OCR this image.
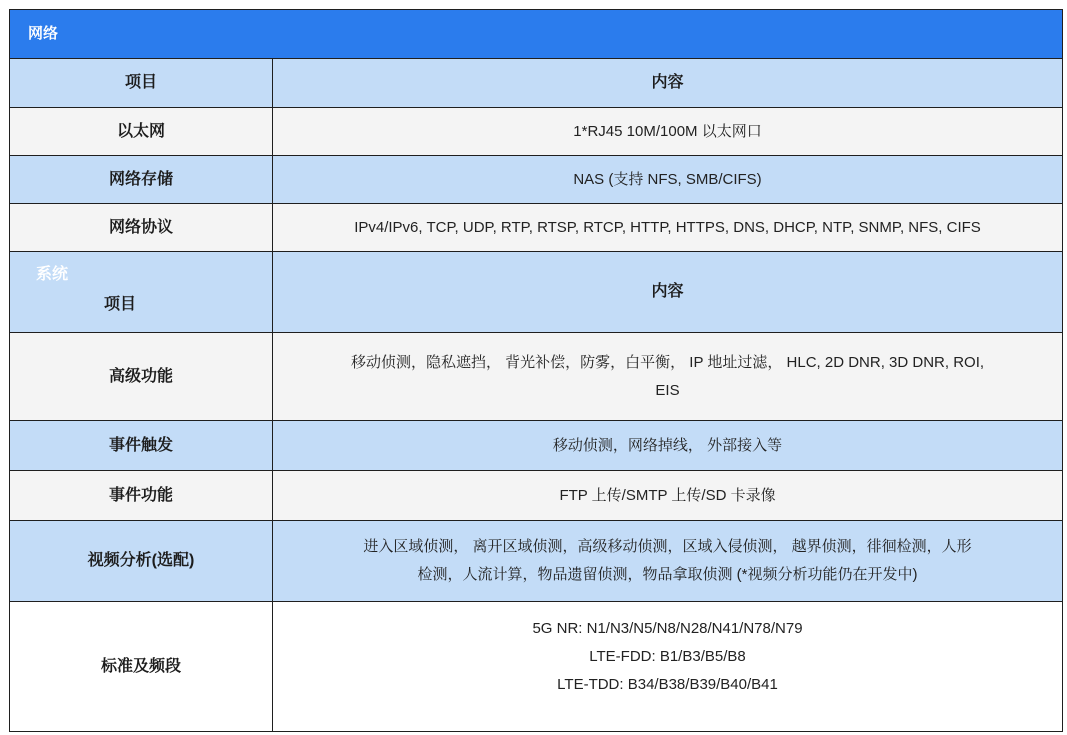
网络	
项目	内容
以太网	1*RJ45 10M/100M 以太网口
网络存储	NAS (支持 NFS, SMB/CIFS)
网络协议	IPv4/IPv6, TCP, UDP, RTP, RTSP, RTCP, HTTP, HTTPS, DNS, DHCP, NTP, SNMP, NFS, CIFS

系统
项目	内容
高级功能	移动侦测，隐私遮挡， 背光补偿，防雾，白平衡， IP 地址过滤， HLC, 2D DNR, 3D DNR, ROI,
EIS

事件触发	移动侦测，网络掉线， 外部接入等

事件功能	FTP 上传/SMTP 上传/SD 卡录像

视频分析(选配)	进入区域侦测， 离开区域侦测，高级移动侦测，区域入侵侦测， 越界侦测，徘徊检测，人形
检测，人流计算，物品遗留侦测，物品拿取侦测 (*视频分析功能仍在开发中)

标准及频段	5G NR: N1/N3/N5/N8/N28/N41/N78/N79
LTE-FDD: B1/B3/B5/B8
LTE-TDD: B34/B38/B39/B40/B41
